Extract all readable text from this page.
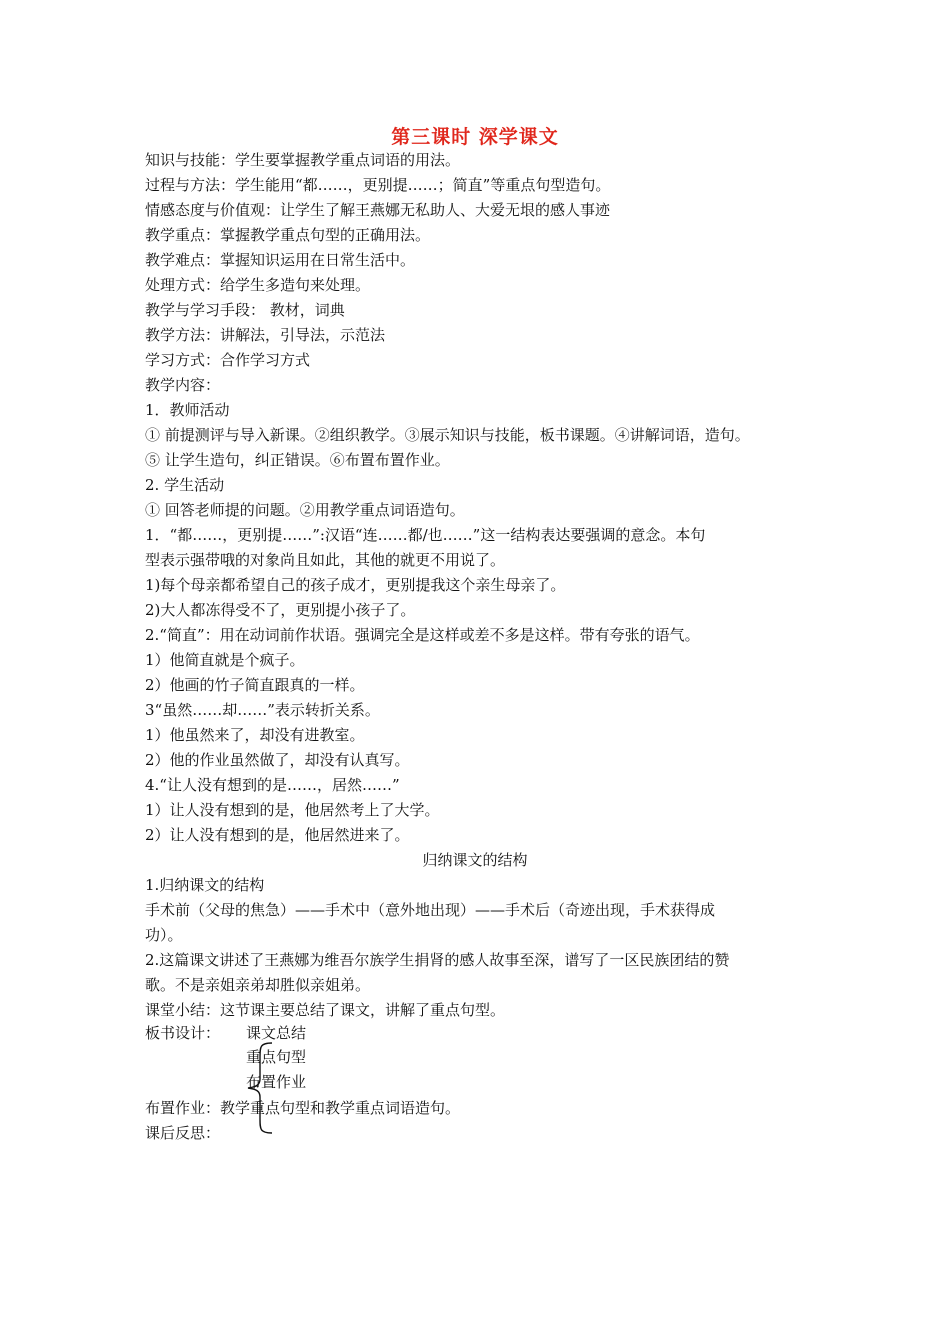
第三课时 深学课文
知识与技能：学生要掌握教学重点词语的用法。
过程与方法：学生能用“都……，更别提……；简直”等重点句型造句。
情感态度与价值观：让学生了解王燕娜无私助人、大爱无垠的感人事迹
教学重点：掌握教学重点句型的正确用法。
教学难点：掌握知识运用在日常生活中。
处理方式：给学生多造句来处理。
教学与学习手段： 教材，词典
教学方法：讲解法，引导法，示范法
学习方式：合作学习方式
教学内容：
1．教师活动
① 前提测评与导入新课。②组织教学。③展示知识与技能，板书课题。④讲解词语，造句。
⑤ 让学生造句，纠正错误。⑥布置布置作业。
2. 学生活动
① 回答老师提的问题。②用教学重点词语造句。
1．“都……，更别提……”:汉语“连……都/也……”这一结构表达要强调的意念。本句
型表示强带哦的对象尚且如此，其他的就更不用说了。
1)每个母亲都希望自己的孩子成才，更别提我这个亲生母亲了。
2)大人都冻得受不了，更别提小孩子了。
2.“简直”：用在动词前作状语。强调完全是这样或差不多是这样。带有夸张的语气。
1）他简直就是个疯子。
2）他画的竹子简直跟真的一样。
3“虽然……却……”表示转折关系。
1）他虽然来了，却没有进教室。
2）他的作业虽然做了，却没有认真写。
4.“让人没有想到的是……，居然……”
1）让人没有想到的是，他居然考上了大学。
2）让人没有想到的是，他居然进来了。
归纳课文的结构
1.归纳课文的结构
手术前（父母的焦急）——手术中（意外地出现）——手术后（奇迹出现，手术获得成
功）。
2.这篇课文讲述了王燕娜为维吾尔族学生捐肾的感人故事至深，谱写了一区民族团结的赞
歌。不是亲姐亲弟却胜似亲姐弟。
课堂小结：这节课主要总结了课文，讲解了重点句型。
板书设计： 课文总结
重点句型
布置作业
布置作业：教学重点句型和教学重点词语造句。
课后反思：
